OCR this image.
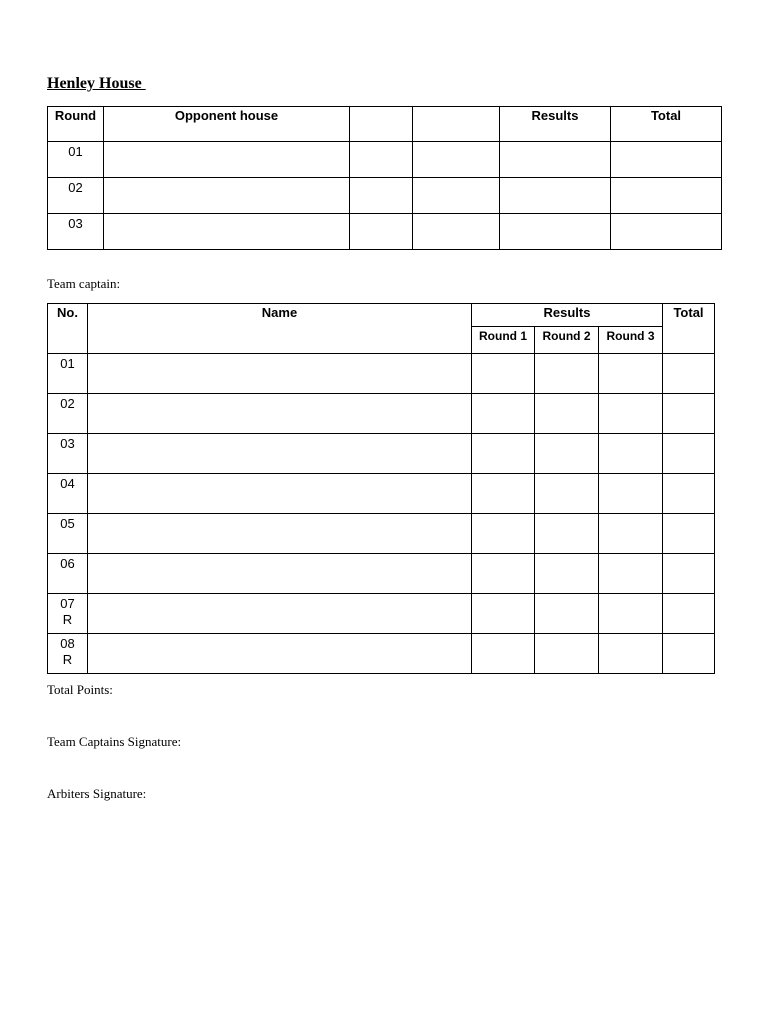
Henley House
Round	Opponent house			Results	Total
01					
02					
03					
Team captain:
No.	Name	Results			Total
		Round 1	Round 2	Round 3	
01

02

03

04

05

06

07
R					
08
R					
Total Points:
Team Captains Signature:
Arbiters Signature:
